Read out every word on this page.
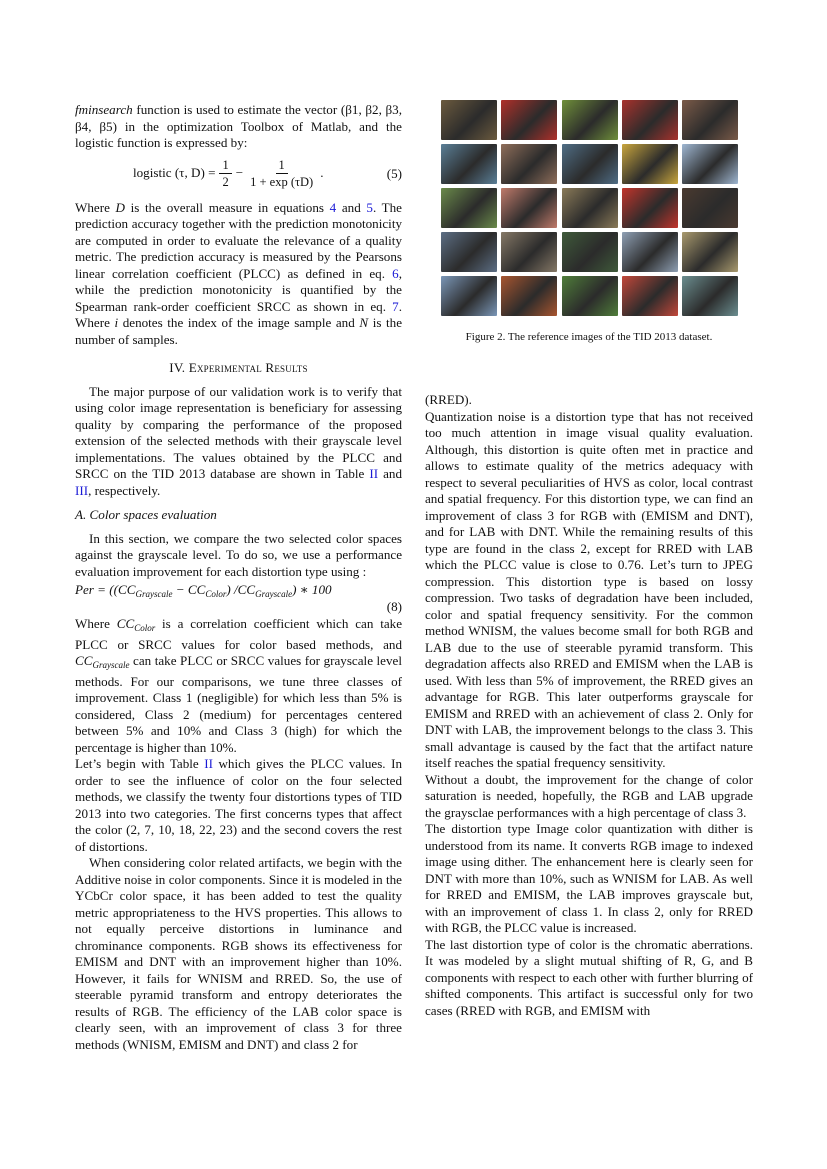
fminsearch function is used to estimate the vector (β1, β2, β3, β4, β5) in the optimization Toolbox of Matlab, and the logistic function is expressed by:

logistic (τ, $D) = \frac{1}{2} - \frac{1}{1 + \exp (\tau D)}$ .	(5)

Where D is the overall measure in equations 4 and 5. The prediction accuracy together with the prediction monotonicity are computed in order to evaluate the relevance of a quality metric. The prediction accuracy is measured by the Pearsons linear correlation coefficient (PLCC) as defined in eq. 6, while the prediction monotonicity is quantified by the Spearman rank-order coefficient SRCC as shown in eq. 7. Where i denotes the index of the image sample and N is the number of samples.

IV. Experimental Results

The major purpose of our validation work is to verify that using color image representation is beneficiary for assessing quality by comparing the performance of the proposed extension of the selected methods with their grayscale level implementations. The values obtained by the PLCC and SRCC on the TID 2013 database are shown in Table II and III, respectively.

A. Color spaces evaluation

In this section, we compare the two selected color spaces against the grayscale level. To do so, we use a performance evaluation improvement for each distortion type using :

Per = ($(CC_{Grayscale} - CC_{Color})$ $/CC_{Grayscale}$) ∗ 100
(8)

Where $CC_{Color}$ is a correlation coefficient which can take PLCC or SRCC values for color based methods, and $CC_{Grayscale}$ can take PLCC or SRCC values for grayscale level methods. For our comparisons, we tune three classes of improvement. Class 1 (negligible) for which less than 5% is considered, Class 2 (medium) for percentages centered between 5% and 10% and Class 3 (high) for which the percentage is higher than 10%.

Let’s begin with Table II which gives the PLCC values. In order to see the influence of color on the four selected methods, we classify the twenty four distortions types of TID 2013 into two categories. The first concerns types that affect the color (2, 7, 10, 18, 22, 23) and the second covers the rest of distortions.

When considering color related artifacts, we begin with the Additive noise in color components. Since it is modeled in the YCbCr color space, it has been added to test the quality metric appropriateness to the HVS properties. This allows to not equally perceive distortions in luminance and chrominance components. RGB shows its effectiveness for EMISM and DNT with an improvement higher than 10%. However, it fails for WNISM and RRED. So, the use of steerable pyramid transform and entropy deteriorates the results of RGB. The efficiency of the LAB color space is clearly seen, with an improvement of class 3 for three methods (WNISM, EMISM and DNT) and class 2 for

Figure 2. The reference images of the TID 2013 dataset.

(RRED).

Quantization noise is a distortion type that has not received too much attention in image visual quality evaluation. Although, this distortion is quite often met in practice and allows to estimate quality of the metrics adequacy with respect to several peculiarities of HVS as color, local contrast and spatial frequency. For this distortion type, we can find an improvement of class 3 for RGB with (EMISM and DNT), and for LAB with DNT. While the remaining results of this type are found in the class 2, except for RRED with LAB which the PLCC value is close to 0.76. Let’s turn to JPEG compression. This distortion type is based on lossy compression. Two tasks of degradation have been included, color and spatial frequency sensitivity. For the common method WNISM, the values become small for both RGB and LAB due to the use of steerable pyramid transform. This degradation affects also RRED and EMISM when the LAB is used. With less than 5% of improvement, the RRED gives an advantage for RGB. This later outperforms grayscale for EMISM and RRED with an achievement of class 2. Only for DNT with LAB, the improvement belongs to the class 3. This small advantage is caused by the fact that the artifact nature itself reaches the spatial frequency sensitivity.

Without a doubt, the improvement for the change of color saturation is needed, hopefully, the RGB and LAB upgrade the graysclae performances with a high percentage of class 3.

The distortion type Image color quantization with dither is understood from its name. It converts RGB image to indexed image using dither. The enhancement here is clearly seen for DNT with more than 10%, such as WNISM for LAB. As well for RRED and EMISM, the LAB improves grayscale but, with an improvement of class 1. In class 2, only for RRED with RGB, the PLCC value is increased.

The last distortion type of color is the chromatic aberrations. It was modeled by a slight mutual shifting of R, G, and B components with respect to each other with further blurring of shifted components. This artifact is successful only for two cases (RRED with RGB, and EMISM with
